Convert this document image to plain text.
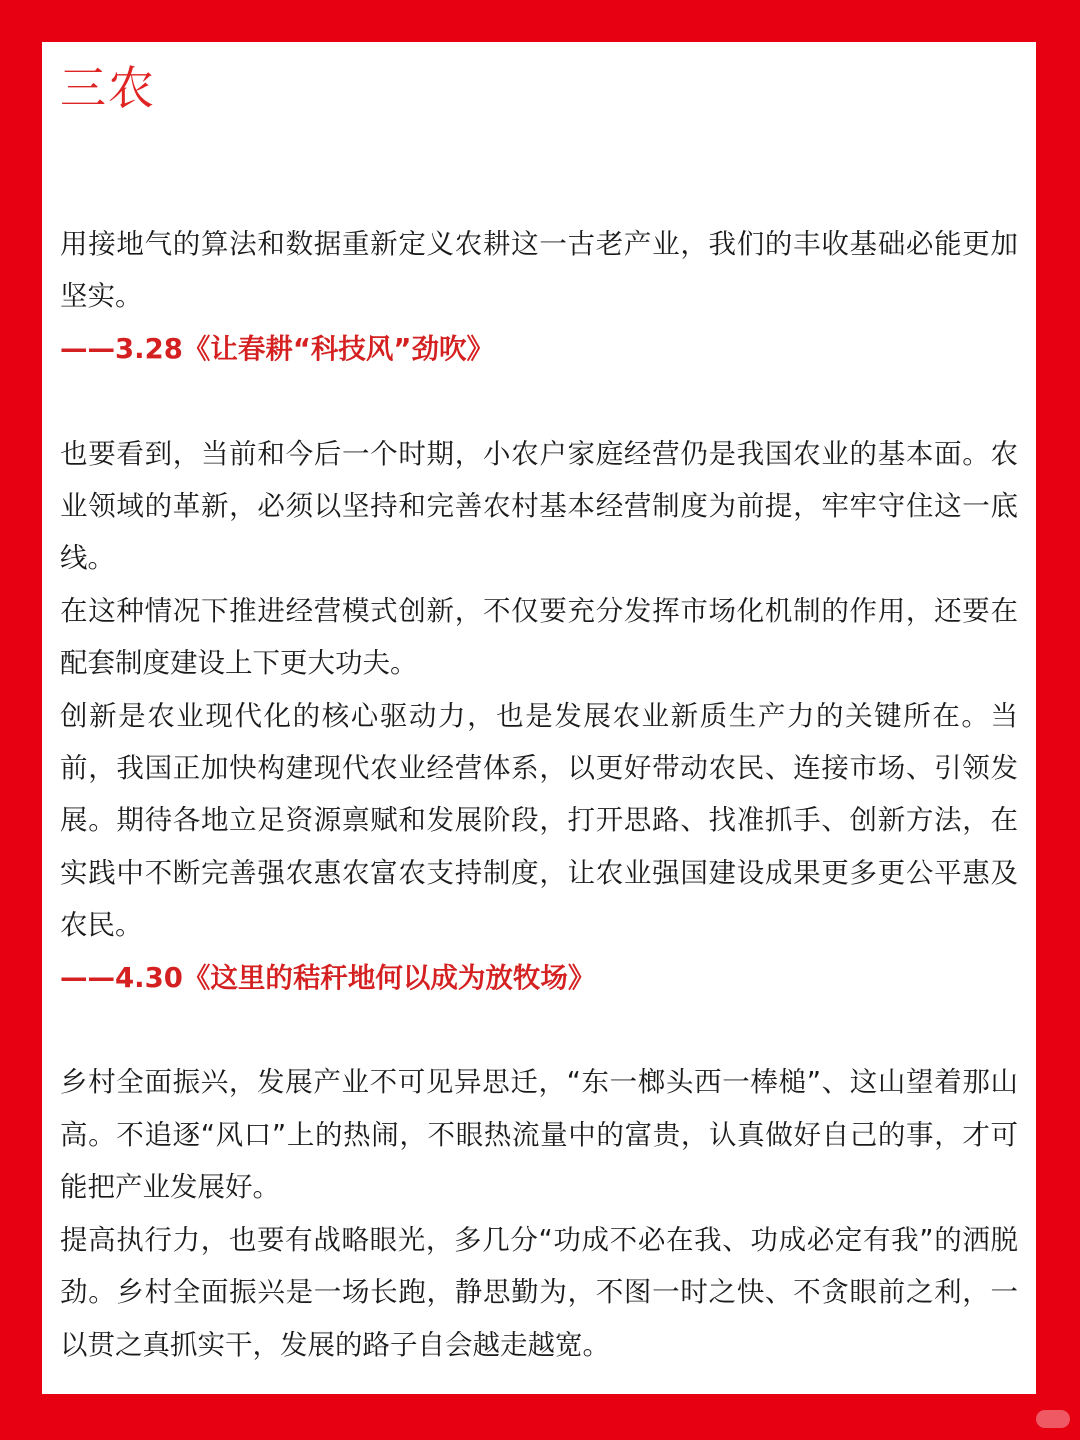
三农

用接地气的算法和数据重新定义农耕这一古老产业，我们的丰收基础必能更加坚实。

——3.28《让春耕“科技风”劲吹》

也要看到，当前和今后一个时期，小农户家庭经营仍是我国农业的基本面。农业领域的革新，必须以坚持和完善农村基本经营制度为前提，牢牢守住这一底线。

在这种情况下推进经营模式创新，不仅要充分发挥市场化机制的作用，还要在配套制度建设上下更大功夫。

创新是农业现代化的核心驱动力，也是发展农业新质生产力的关键所在。当前，我国正加快构建现代农业经营体系，以更好带动农民、连接市场、引领发展。期待各地立足资源禀赋和发展阶段，打开思路、找准抓手、创新方法，在实践中不断完善强农惠农富农支持制度，让农业强国建设成果更多更公平惠及农民。

——4.30《这里的秸秆地何以成为放牧场》

乡村全面振兴，发展产业不可见异思迁，“东一榔头西一棒槌”、这山望着那山高。不追逐“风口”上的热闹，不眼热流量中的富贵，认真做好自己的事，才可能把产业发展好。

提高执行力，也要有战略眼光，多几分“功成不必在我、功成必定有我”的洒脱劲。乡村全面振兴是一场长跑，静思勤为，不图一时之快、不贪眼前之利，一以贯之真抓实干，发展的路子自会越走越宽。
